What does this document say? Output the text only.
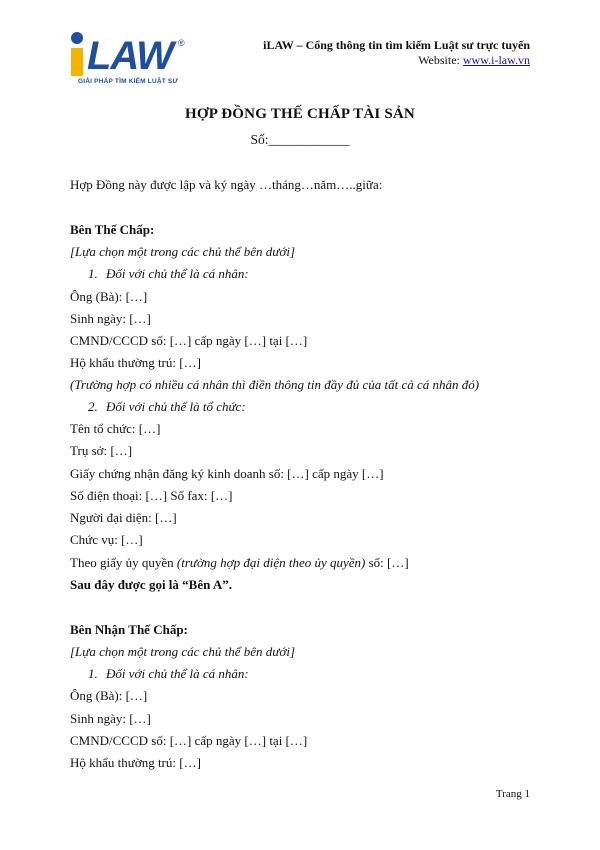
LAW ®
GIẢI PHÁP TÌM KIẾM LUẬT SƯ
iLAW – Cổng thông tin tìm kiếm Luật sư trực tuyến
Website: www.i-law.vn
HỢP ĐỒNG THẾ CHẤP TÀI SẢN
Số:____________
Hợp Đồng này được lập và ký ngày …tháng…năm…..giữa:
Bên Thế Chấp:
[Lựa chọn một trong các chủ thể bên dưới]
1. Đối với chủ thể là cá nhân:
Ông (Bà): […]
Sinh ngày: […]
CMND/CCCD số: […] cấp ngày […] tại […]
Hộ khẩu thường trú: […]
(Trường hợp có nhiều cá nhân thì điền thông tin đầy đủ của tất cả cá nhân đó)
2. Đối với chủ thể là tổ chức:
Tên tổ chức: […]
Trụ sở: […]
Giấy chứng nhận đăng ký kinh doanh số: […] cấp ngày […]
Số điện thoại: […] Số fax: […]
Người đại diện: […]
Chức vụ: […]
Theo giấy ủy quyền (trường hợp đại diện theo ủy quyền) số: […]
Sau đây được gọi là “Bên A”.
Bên Nhận Thế Chấp:
[Lựa chọn một trong các chủ thể bên dưới]
1. Đối với chủ thể là cá nhân:
Ông (Bà): […]
Sinh ngày: […]
CMND/CCCD số: […] cấp ngày […] tại […]
Hộ khẩu thường trú: […]
Trang 1
